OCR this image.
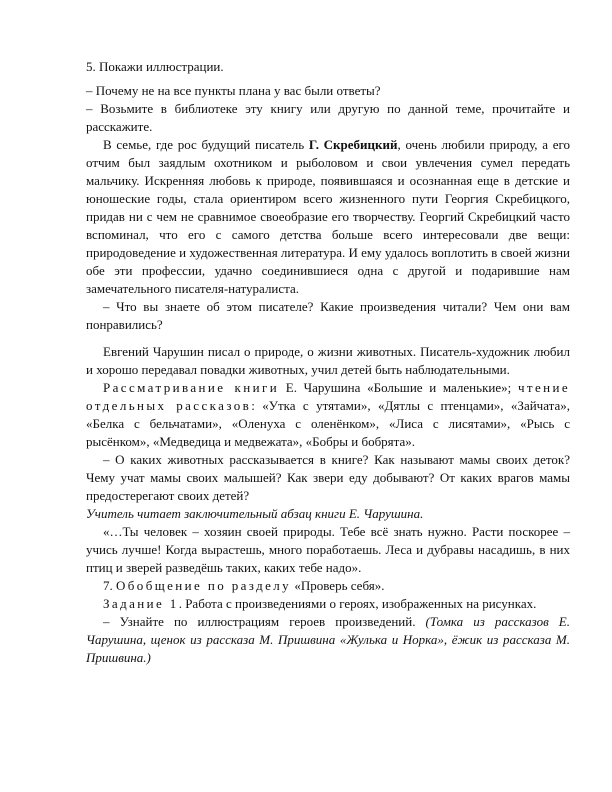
5. Покажи иллюстрации.

– Почему не на все пункты плана у вас были ответы?

– Возьмите в библиотеке эту книгу или другую по данной теме, прочитайте и расскажите.

В семье, где рос будущий писатель Г. Скребицкий, очень любили природу, а его отчим был заядлым охотником и рыболовом и свои увлечения сумел передать мальчику. Искренняя любовь к природе, появившаяся и осознанная еще в детские и юношеские годы, стала ориентиром всего жизненного пути Георгия Скребицкого, придав ни с чем не сравнимое своеобразие его творчеству. Георгий Скребицкий часто вспоминал, что его с самого детства больше всего интересовали две вещи: природоведение и художественная литература. И ему удалось воплотить в своей жизни обе эти профессии, удачно соединившиеся одна с другой и подарившие нам замечательного писателя-натуралиста.

– Что вы знаете об этом писателе? Какие произведения читали? Чем они вам понравились?

Евгений Чарушин писал о природе, о жизни животных. Писатель-художник любил и хорошо передавал повадки животных, учил детей быть наблюдательными.

Рассматривание книги Е. Чарушина «Большие и маленькие»; чтение отдельных рассказов: «Утка с утятами», «Дятлы с птенцами», «Зайчата», «Белка с бельчатами», «Оленуха с оленёнком», «Лиса с лисятами», «Рысь с рысёнком», «Медведица и медвежата», «Бобры и бобрята».

– О каких животных рассказывается в книге? Как называют мамы своих деток? Чему учат мамы своих малышей? Как звери еду добывают? От каких врагов мамы предостерегают своих детей?

Учитель читает заключительный абзац книги Е. Чарушина.

«…Ты человек – хозяин своей природы. Тебе всё знать нужно. Расти поскорее – учись лучше! Когда вырастешь, много поработаешь. Леса и дубравы насадишь, в них птиц и зверей разведёшь таких, каких тебе надо».

7. Обобщение по разделу «Проверь себя».

Задание 1. Работа с произведениями о героях, изображенных на рисунках.

– Узнайте по иллюстрациям героев произведений. (Томка из рассказов Е. Чарушина, щенок из рассказа М. Пришвина «Жулька и Норка», ёжик из рассказа М. Пришвина.)
